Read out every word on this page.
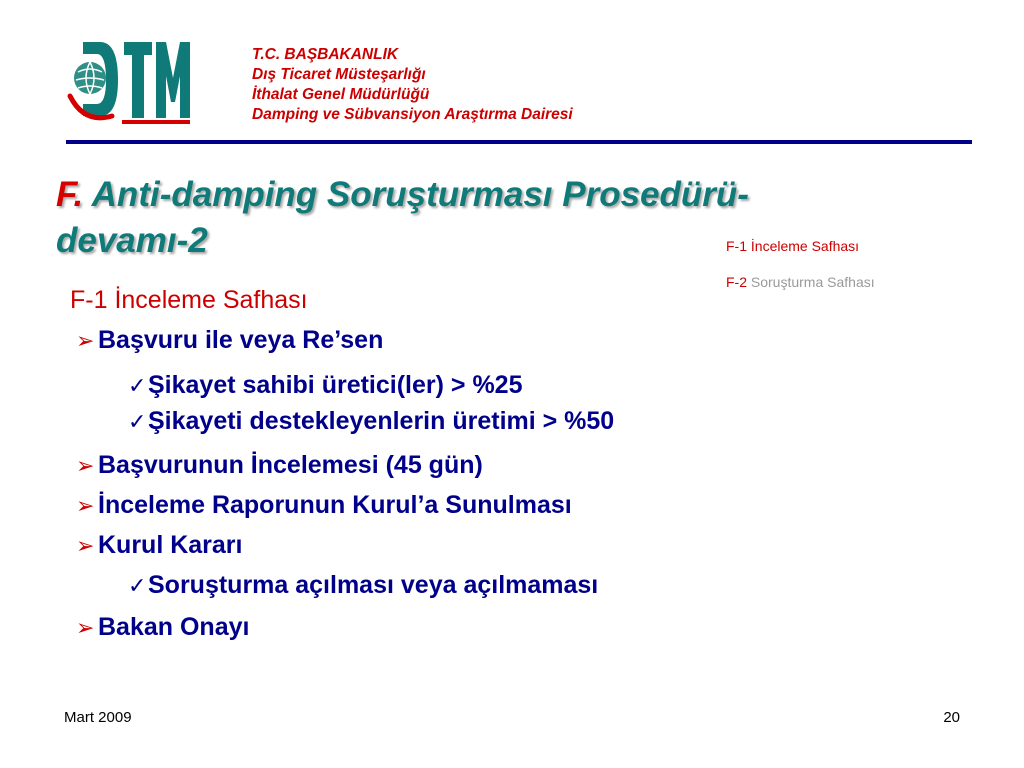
T.C. BAŞBAKANLIK
Dış Ticaret Müsteşarlığı
İthalat Genel Müdürlüğü
Damping ve Sübvansiyon Araştırma Dairesi
F. Anti-damping Soruşturması Prosedürü-
devamı-2	F-1 İnceleme Safhası
F-2 Soruşturma Safhası
F-1 İnceleme Safhası
➢ Başvuru ile veya Re’sen
✓Şikayet sahibi üretici(ler) > %25
✓Şikayeti destekleyenlerin üretimi > %50
➢ Başvurunun İncelemesi (45 gün)
➢ İnceleme Raporunun Kurul’a Sunulması
➢ Kurul Kararı
✓Soruşturma açılması veya açılmaması
➢ Bakan Onayı
Mart 2009	20
